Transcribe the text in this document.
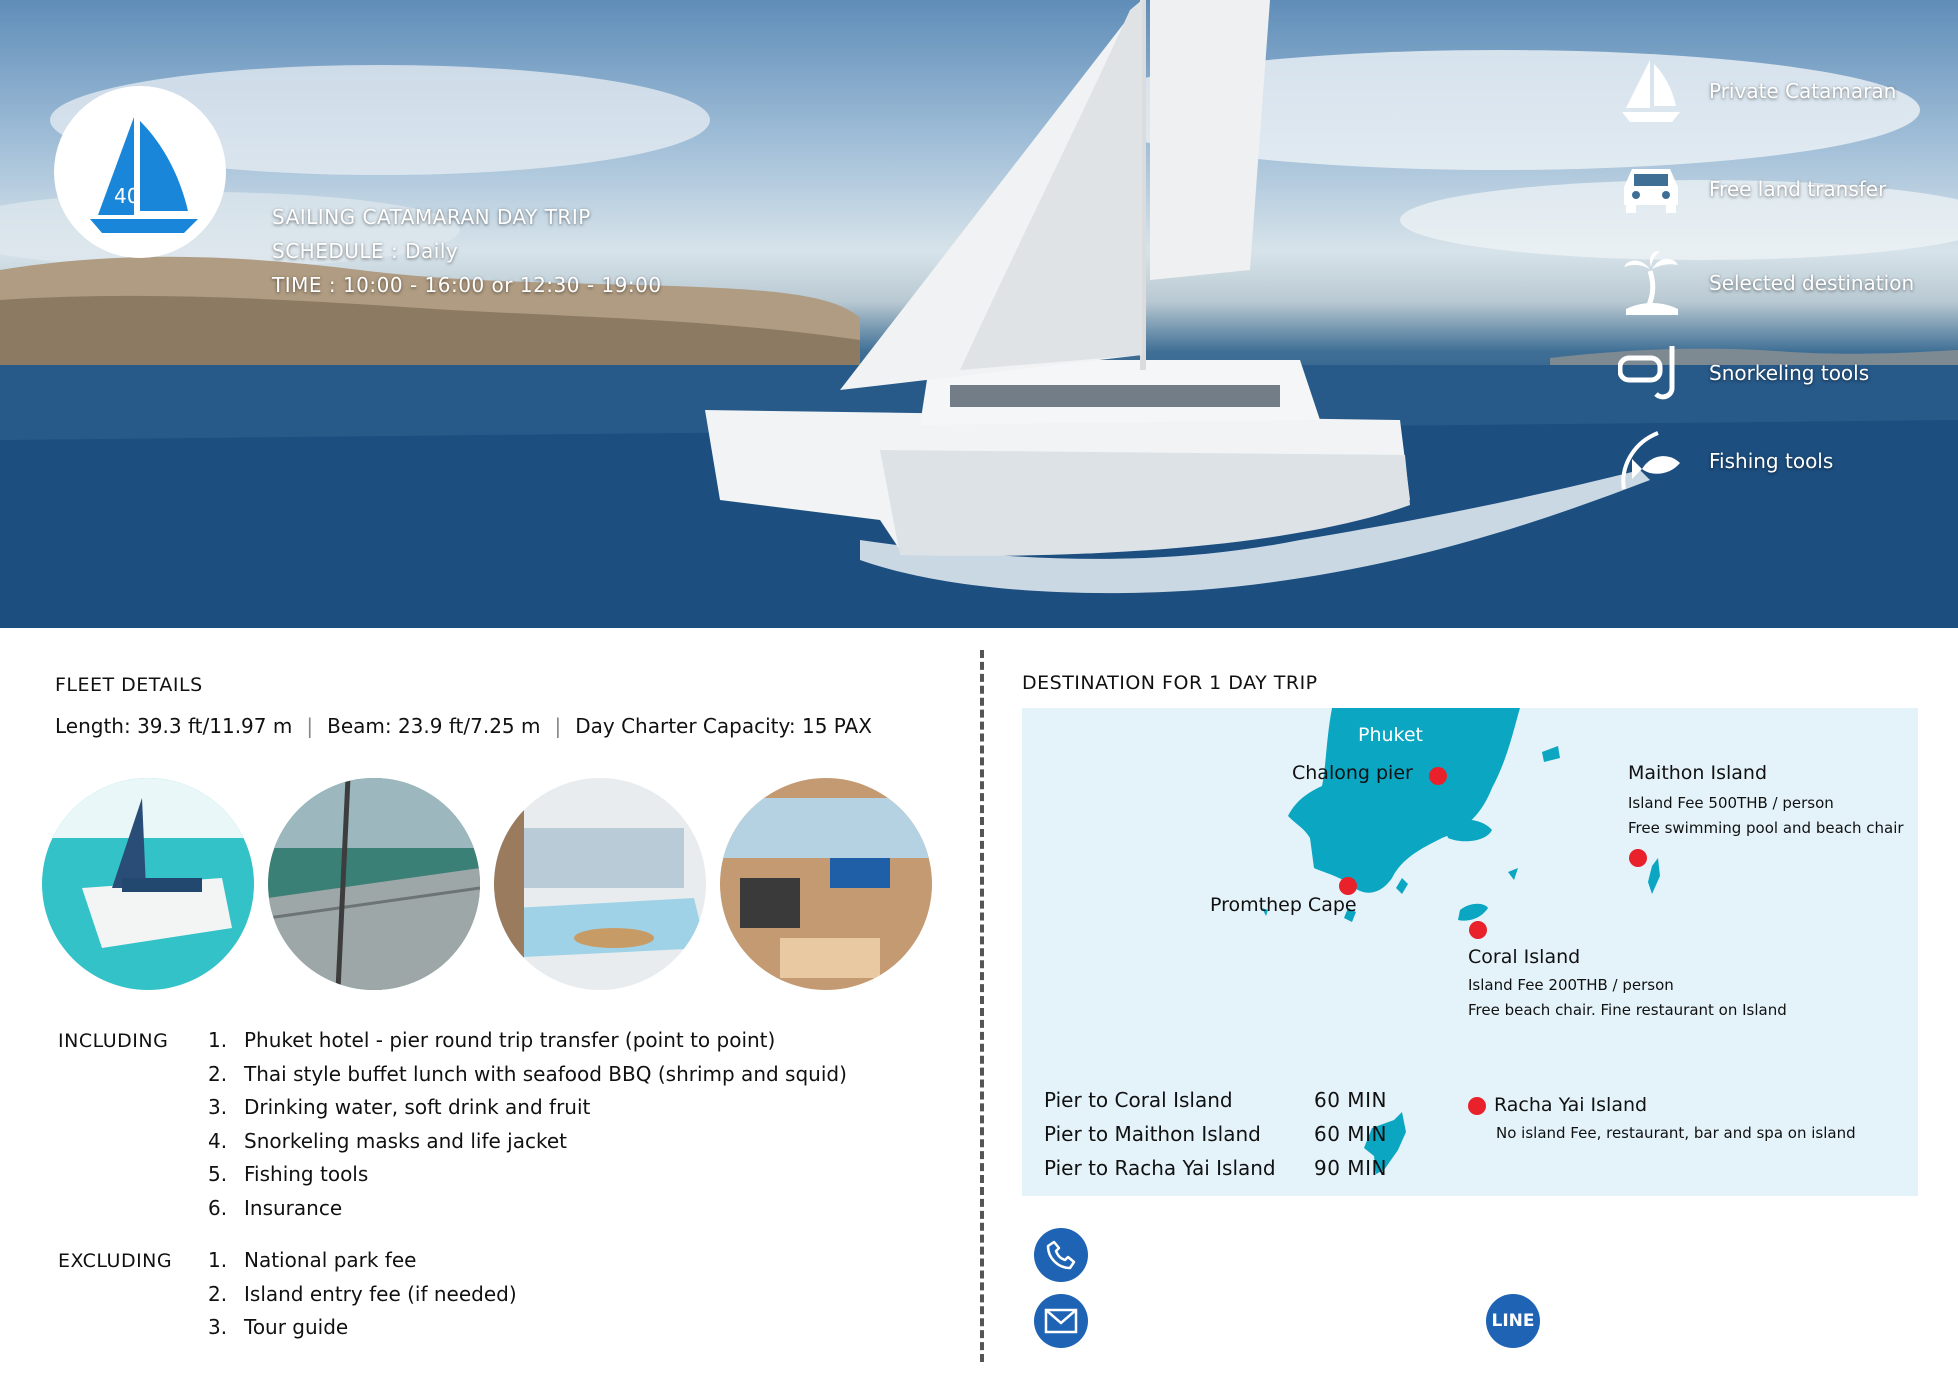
40
SAILING CATAMARAN DAY TRIP
SCHEDULE : Daily
TIME : 10:00 - 16:00 or 12:30 - 19:00
Private Catamaran
Free land transfer
Selected destination
Snorkeling tools
Fishing tools
FLEET DETAILS
Length: 39.3 ft/11.97 m | Beam: 23.9 ft/7.25 m | Day Charter Capacity: 15 PAX
INCLUDING 1. Phuket hotel - pier round trip transfer (point to point)
2. Thai style buffet lunch with seafood BBQ (shrimp and squid)
3. Drinking water, soft drink and fruit
4. Snorkeling masks and life jacket
5. Fishing tools
6. Insurance
EXCLUDING 1. National park fee
2. Island entry fee (if needed)
3. Tour guide
DESTINATION FOR 1 DAY TRIP
Phuket
Chalong pier
Promthep Cape
Maithon Island
Island Fee 500THB / person
Free swimming pool and beach chair
Coral Island
Island Fee 200THB / person
Free beach chair. Fine restaurant on Island
Racha Yai Island
No island Fee, restaurant, bar and spa on island
Pier to Coral Island	60 MIN
Pier to Maithon Island	60 MIN
Pier to Racha Yai Island	90 MIN
LINE
